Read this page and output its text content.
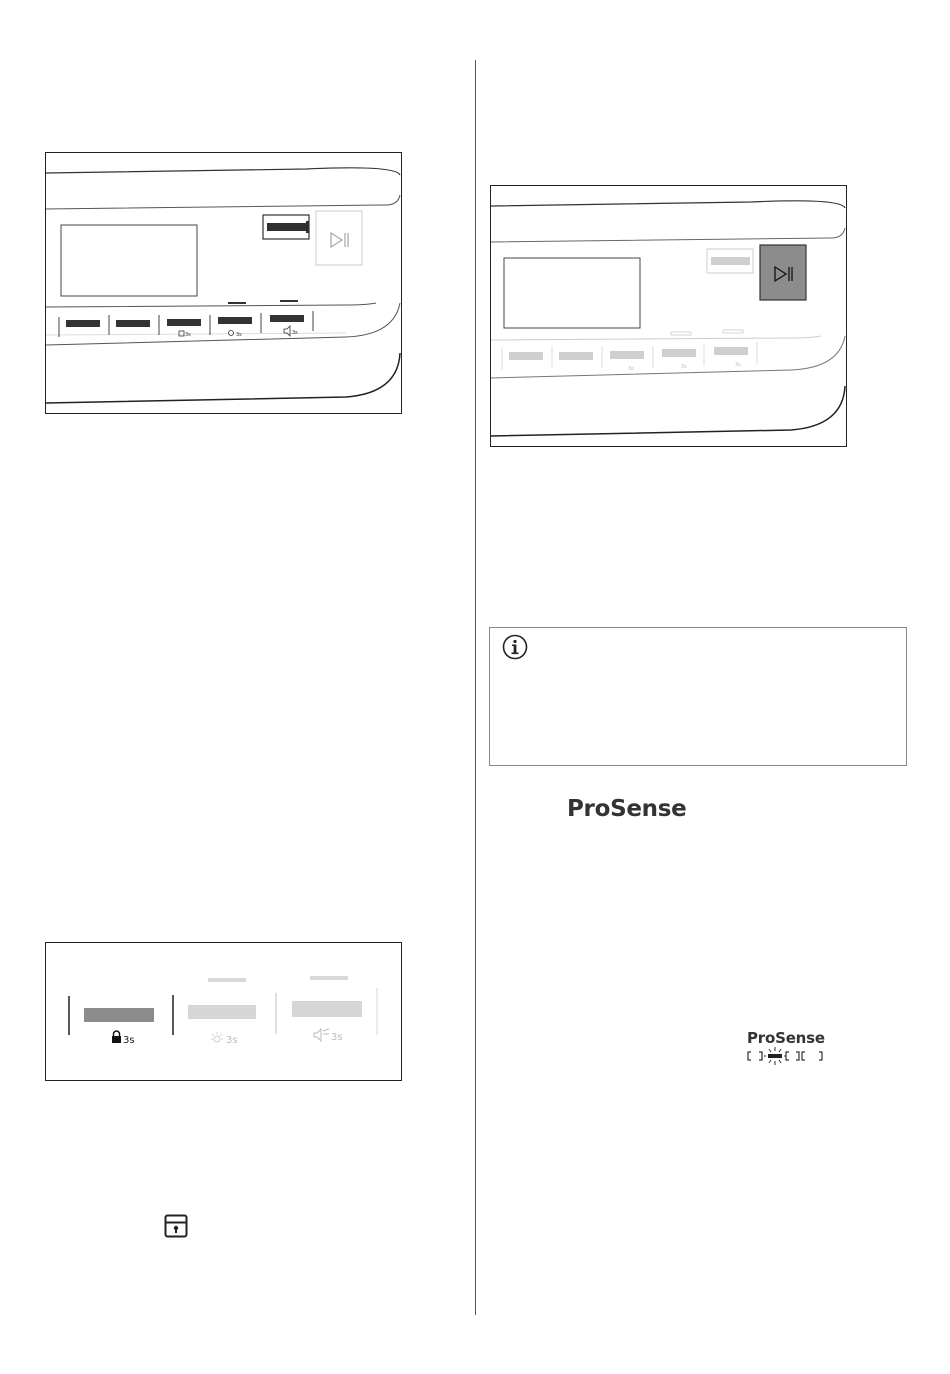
3s	3s	3s
3s	3s	3s
3s	3s	3s
ProSense
ProSense
